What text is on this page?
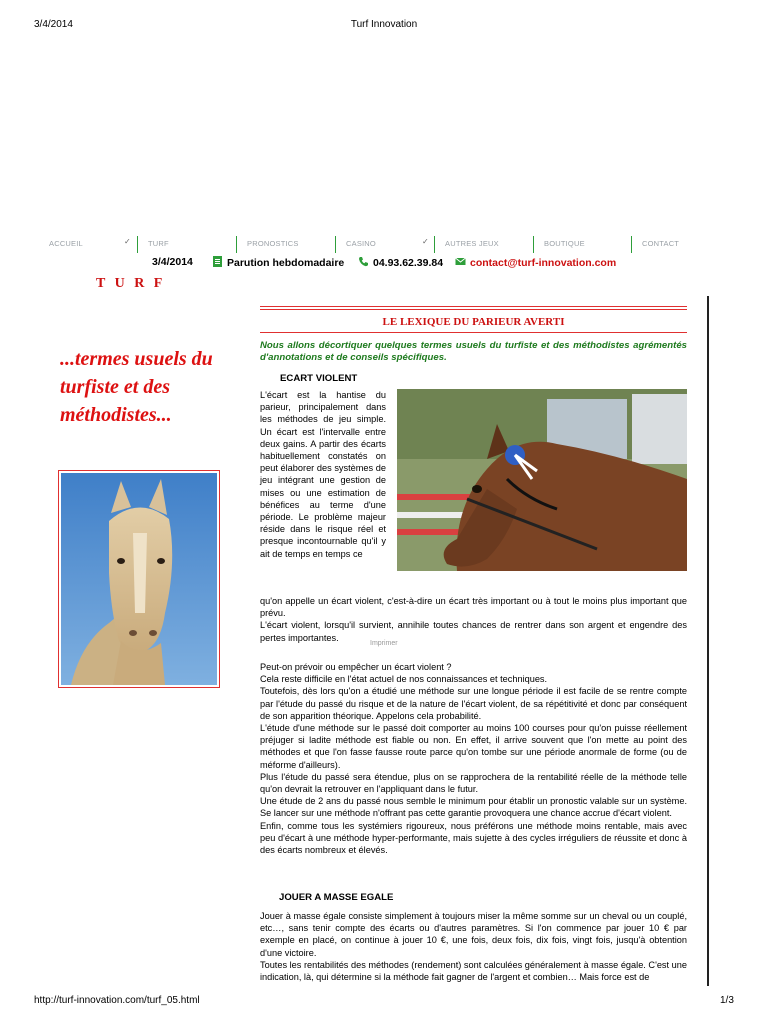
3/4/2014	Turf Innovation
http://turf-innovation.com/turf_05.html	1/3
ACCUEIL	✓ TURF	PRONOSTICS	CASINO	✓ AUTRES JEUX	BOUTIQUE	CONTACT
3/4/2014	Parution hebdomadaire	04.93.62.39.84	contact@turf-innovation.com
T U R F
...termes usuels du turfiste et des méthodistes...
LE LEXIQUE DU PARIEUR AVERTI
Nous allons décortiquer quelques termes usuels du turfiste et des méthodistes agrémentés d'annotations et de conseils spécifiques.
ECART VIOLENT
L'écart est la hantise du parieur, principalement dans les méthodes de jeu simple. Un écart est l'intervalle entre deux gains. A partir des écarts habituellement constatés on peut élaborer des systèmes de jeu intégrant une gestion de mises ou une estimation de bénéfices au terme d'une période. Le problème majeur réside dans le risque réel et presque incontournable qu'il y ait de temps en temps ce
qu'on appelle un écart violent, c'est-à-dire un écart très important ou à tout le moins plus important que prévu.
L'écart violent, lorsqu'il survient, annihile toutes chances de rentrer dans son argent et engendre des pertes importantes.
Imprimer
Peut-on prévoir ou empêcher un écart violent ?
Cela reste difficile en l'état actuel de nos connaissances et techniques.
Toutefois, dès lors qu'on a étudié une méthode sur une longue période il est facile de se rentre compte par l'étude du passé du risque et de la nature de l'écart violent, de sa répétitivité et donc par conséquent de son apparition théorique. Appelons cela probabilité.
L'étude d'une méthode sur le passé doit comporter au moins 100 courses pour qu'on puisse réellement préjuger si ladite méthode est fiable ou non. En effet, il arrive souvent que l'on mette au point des méthodes et que l'on fasse fausse route parce qu'on tombe sur une période anormale de forme (ou de méforme d'ailleurs).
Plus l'étude du passé sera étendue, plus on se rapprochera de la rentabilité réelle de la méthode telle qu'on devrait la retrouver en l'appliquant dans le futur.
Une étude de 2 ans du passé nous semble le minimum pour établir un pronostic valable sur un système. Se lancer sur une méthode n'offrant pas cette garantie provoquera une chance accrue d'écart violent.
Enfin, comme tous les systémiers rigoureux, nous préférons une méthode moins rentable, mais avec peu d'écart à une méthode hyper-performante, mais sujette à des cycles irréguliers de réussite et donc à des écarts nombreux et élevés.
JOUER A MASSE EGALE
Jouer à masse égale consiste simplement à toujours miser la même somme sur un cheval ou un couplé, etc…, sans tenir compte des écarts ou d'autres paramètres. Si l'on commence par jouer 10 € par exemple en placé, on continue à jouer 10 €, une fois, deux fois, dix fois, vingt fois, jusqu'à obtention d'une victoire.
Toutes les rentabilités des méthodes (rendement) sont calculées généralement à masse égale. C'est une indication, là, qui détermine si la méthode fait gagner de l'argent et combien… Mais force est de
